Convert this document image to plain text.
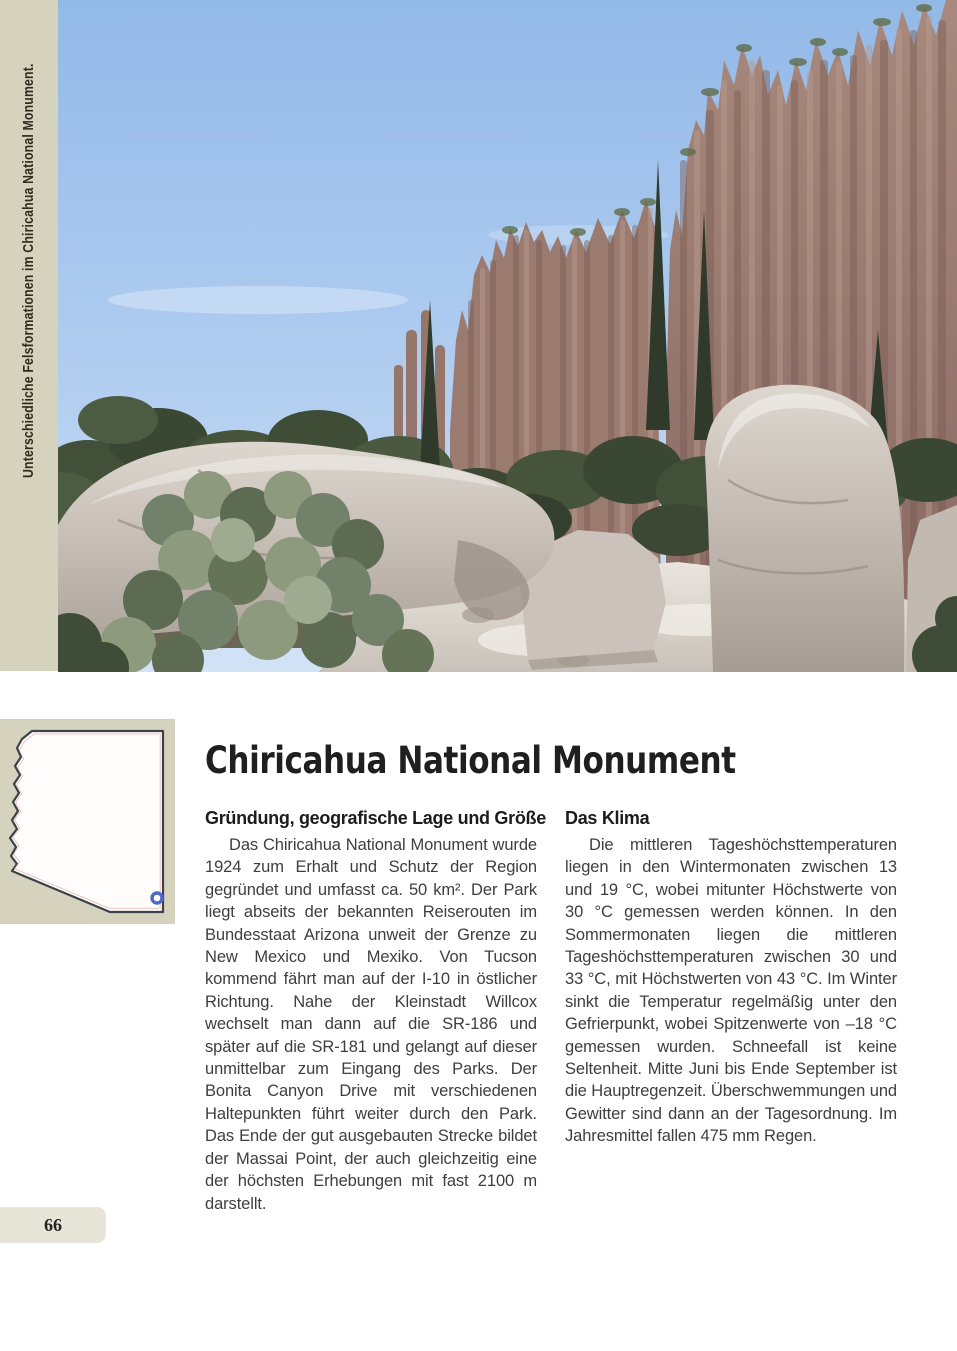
Unterschiedliche Felsformationen im Chiricahua National Monument.
Chiricahua National Monument
Gründung, geografische Lage und Größe

Das Chiricahua National Monument wurde 1924 zum Erhalt und Schutz der Region gegründet und umfasst ca. 50 km². Der Park liegt abseits der bekannten Reiserouten im Bundesstaat Arizona unweit der Grenze zu New Mexico und Mexiko. Von Tucson kommend fährt man auf der I-10 in östlicher Richtung. Nahe der Kleinstadt Willcox wechselt man dann auf die SR-186 und später auf die SR-181 und gelangt auf dieser unmittelbar zum Eingang des Parks. Der Bonita Canyon Drive mit verschiedenen Haltepunkten führt weiter durch den Park. Das Ende der gut ausgebauten Strecke bildet der Massai Point, der auch gleichzeitig eine der höchsten Erhebungen mit fast 2100 m darstellt.

Das Klima

Die mittleren Tageshöchsttemperaturen liegen in den Wintermonaten zwischen 13 und 19 °C, wobei mitunter Höchstwerte von 30 °C gemessen werden können. In den Sommermonaten liegen die mittleren Tageshöchsttemperaturen zwischen 30 und 33 °C, mit Höchstwerten von 43 °C. Im Winter sinkt die Temperatur regelmäßig unter den Gefrierpunkt, wobei Spitzenwerte von –18 °C gemessen wurden. Schneefall ist keine Seltenheit. Mitte Juni bis Ende September ist die Hauptregenzeit. Überschwemmungen und Gewitter sind dann an der Tagesordnung. Im Jahresmittel fallen 475 mm Regen.

66
